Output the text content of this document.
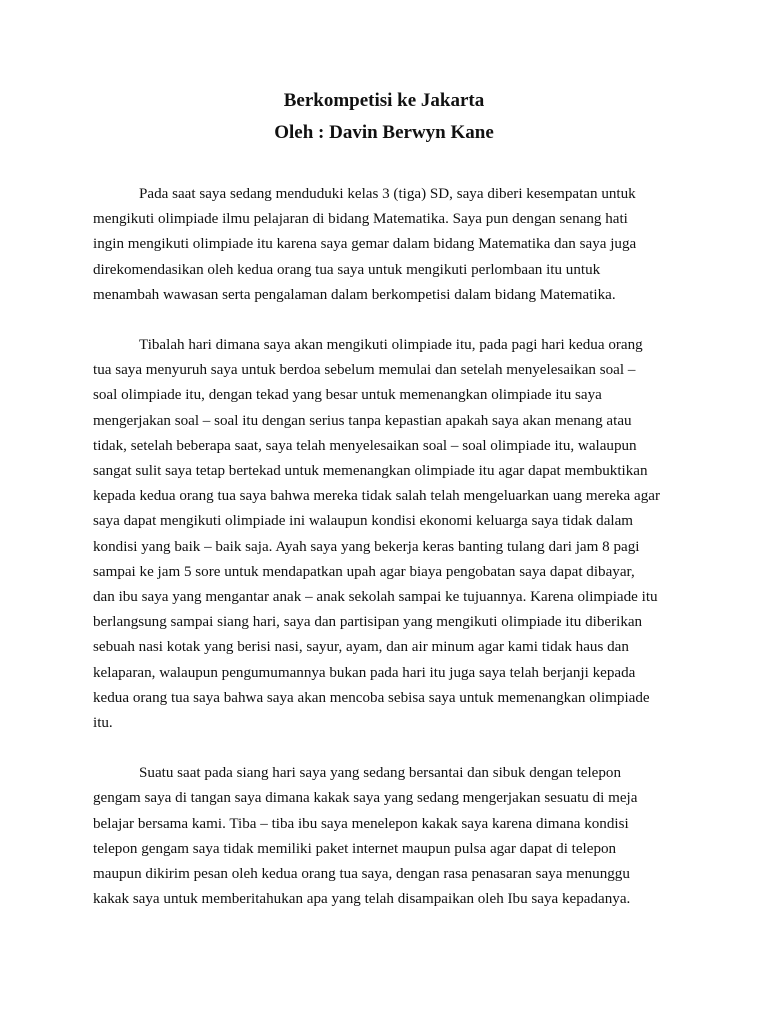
Berkompetisi ke Jakarta
Oleh : Davin Berwyn Kane

Pada saat saya sedang menduduki kelas 3 (tiga) SD, saya diberi kesempatan untuk
mengikuti olimpiade ilmu pelajaran di bidang Matematika. Saya pun dengan senang hati
ingin mengikuti olimpiade itu karena saya gemar dalam bidang Matematika dan saya juga
direkomendasikan oleh kedua orang tua saya untuk mengikuti perlombaan itu untuk
menambah wawasan serta pengalaman dalam berkompetisi dalam bidang Matematika.

Tibalah hari dimana saya akan mengikuti olimpiade itu, pada pagi hari kedua orang
tua saya menyuruh saya untuk berdoa sebelum memulai dan setelah menyelesaikan soal –
soal olimpiade itu, dengan tekad yang besar untuk memenangkan olimpiade itu saya
mengerjakan soal – soal itu dengan serius tanpa kepastian apakah saya akan menang atau
tidak, setelah beberapa saat, saya telah menyelesaikan soal – soal olimpiade itu, walaupun
sangat sulit saya tetap bertekad untuk memenangkan olimpiade itu agar dapat membuktikan
kepada kedua orang tua saya bahwa mereka tidak salah telah mengeluarkan uang mereka agar
saya dapat mengikuti olimpiade ini walaupun kondisi ekonomi keluarga saya tidak dalam
kondisi yang baik – baik saja. Ayah saya yang bekerja keras banting tulang dari jam 8 pagi
sampai ke jam 5 sore untuk mendapatkan upah agar biaya pengobatan saya dapat dibayar,
dan ibu saya yang mengantar anak – anak sekolah sampai ke tujuannya. Karena olimpiade itu
berlangsung sampai siang hari, saya dan partisipan yang mengikuti olimpiade itu diberikan
sebuah nasi kotak yang berisi nasi, sayur, ayam, dan air minum agar kami tidak haus dan
kelaparan, walaupun pengumumannya bukan pada hari itu juga saya telah berjanji kepada
kedua orang tua saya bahwa saya akan mencoba sebisa saya untuk memenangkan olimpiade
itu.

Suatu saat pada siang hari saya yang sedang bersantai dan sibuk dengan telepon
gengam saya di tangan saya dimana kakak saya yang sedang mengerjakan sesuatu di meja
belajar bersama kami. Tiba – tiba ibu saya menelepon kakak saya karena dimana kondisi
telepon gengam saya tidak memiliki paket internet maupun pulsa agar dapat di telepon
maupun dikirim pesan oleh kedua orang tua saya, dengan rasa penasaran saya menunggu
kakak saya untuk memberitahukan apa yang telah disampaikan oleh Ibu saya kepadanya.
